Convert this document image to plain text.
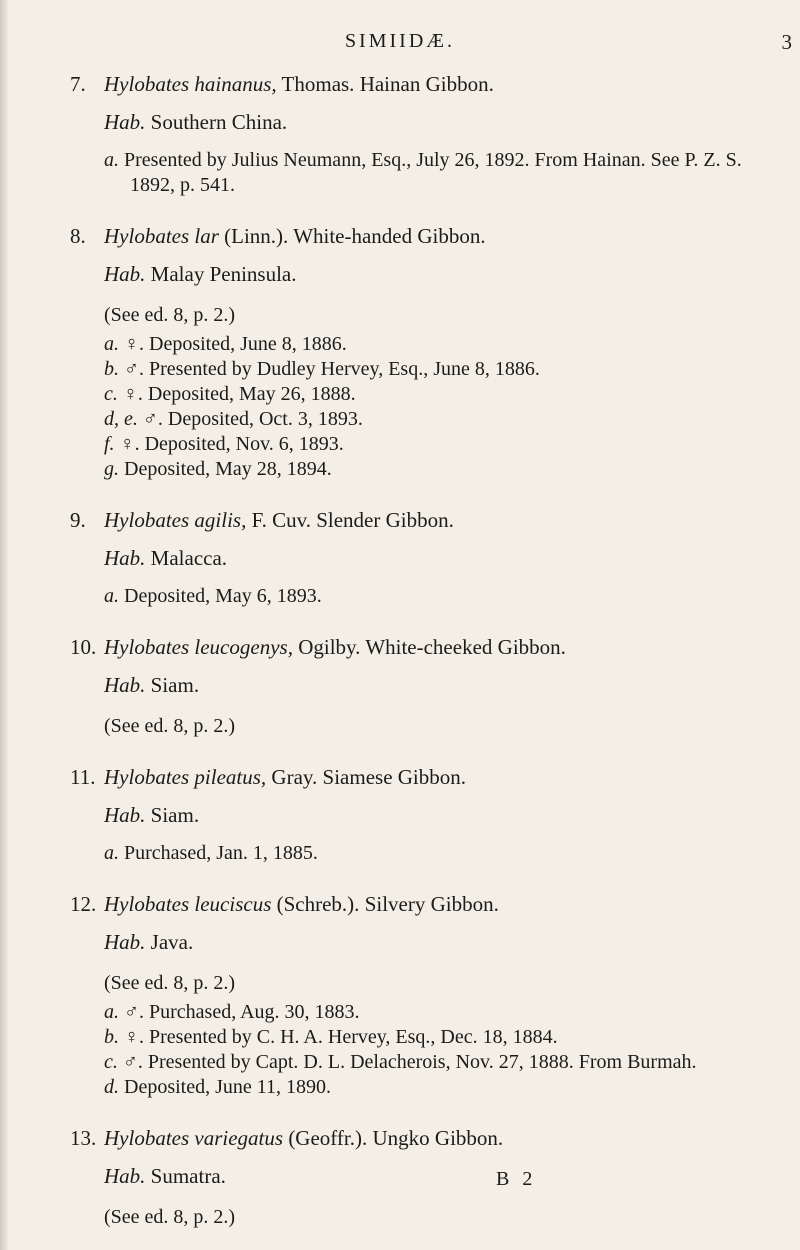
SIMIIDÆ.	3

7. Hylobates hainanus, Thomas. Hainan Gibbon.

Hab. Southern China.

a. Presented by Julius Neumann, Esq., July 26, 1892. From Hainan. See P. Z. S. 1892, p. 541.

8. Hylobates lar (Linn.). White-handed Gibbon.

Hab. Malay Peninsula.

(See ed. 8, p. 2.)

a. ♀. Deposited, June 8, 1886.
b. ♂. Presented by Dudley Hervey, Esq., June 8, 1886.
c. ♀. Deposited, May 26, 1888.
d, e. ♂. Deposited, Oct. 3, 1893.
f. ♀. Deposited, Nov. 6, 1893.
g. Deposited, May 28, 1894.

9. Hylobates agilis, F. Cuv. Slender Gibbon.

Hab. Malacca.

a. Deposited, May 6, 1893.

10. Hylobates leucogenys, Ogilby. White-cheeked Gibbon.

Hab. Siam.

(See ed. 8, p. 2.)

11. Hylobates pileatus, Gray. Siamese Gibbon.

Hab. Siam.

a. Purchased, Jan. 1, 1885.

12. Hylobates leuciscus (Schreb.). Silvery Gibbon.

Hab. Java.

(See ed. 8, p. 2.)

a. ♂. Purchased, Aug. 30, 1883.
b. ♀. Presented by C. H. A. Hervey, Esq., Dec. 18, 1884.
c. ♂. Presented by Capt. D. L. Delacherois, Nov. 27, 1888. From Burmah.
d. Deposited, June 11, 1890.

13. Hylobates variegatus (Geoffr.). Ungko Gibbon.

Hab. Sumatra.

(See ed. 8, p. 2.)

B 2
